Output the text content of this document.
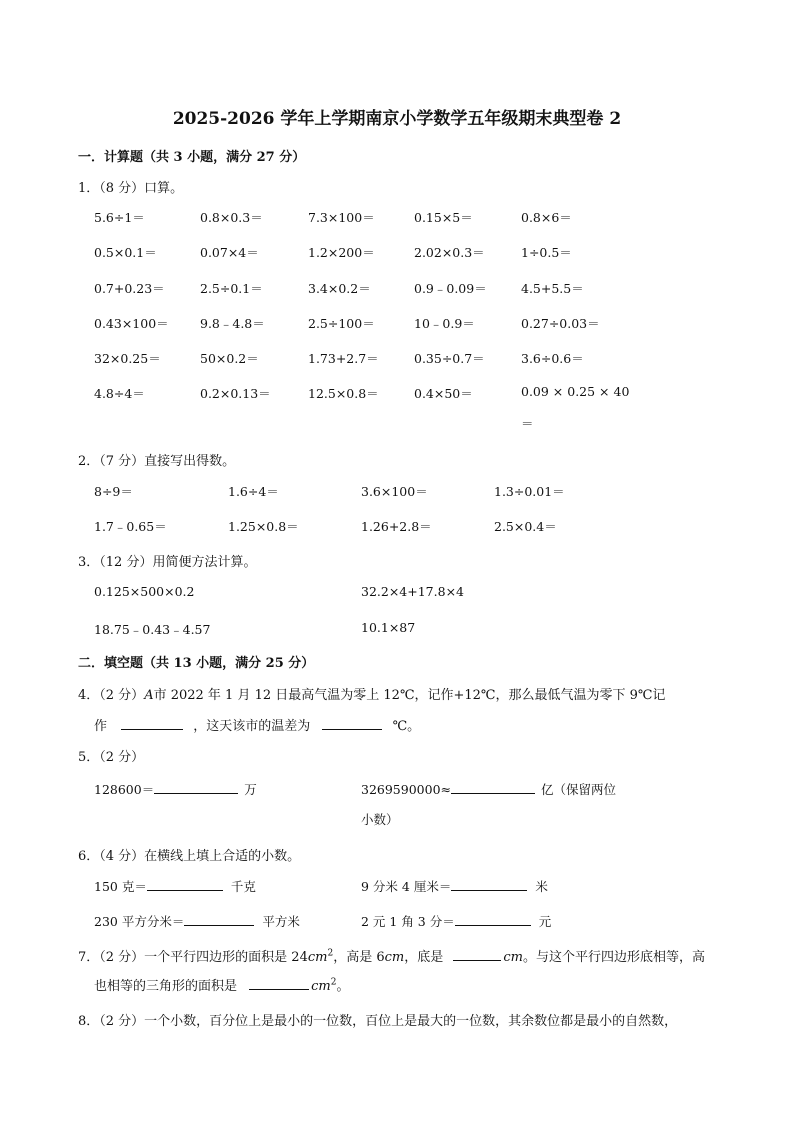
2025-2026 学年上学期南京小学数学五年级期末典型卷 2
一．计算题（共 3 小题，满分 27 分）
1．（8 分）口算。
5.6÷1＝	0.8×0.3＝	7.3×100＝	0.15×5＝	0.8×6＝
0.5×0.1＝	0.07×4＝	1.2×200＝	2.02×0.3＝	1÷0.5＝
0.7+0.23＝	2.5÷0.1＝	3.4×0.2＝	0.9﹣0.09＝	4.5+5.5＝
0.43×100＝	9.8﹣4.8＝	2.5÷100＝	10﹣0.9＝	0.27÷0.03＝
32×0.25＝	50×0.2＝	1.73+2.7＝	0.35÷0.7＝	3.6÷0.6＝
4.8÷4＝	0.2×0.13＝	12.5×0.8＝	0.4×50＝	0.09 × 0.25 × 40
＝
2．（7 分）直接写出得数。
8÷9＝	1.6÷4＝	3.6×100＝	1.3÷0.01＝
1.7﹣0.65＝	1.25×0.8＝	1.26+2.8＝	2.5×0.4＝
3．（12 分）用简便方法计算。
0.125×500×0.2	32.2×4+17.8×4
18.75﹣0.43﹣4.57	10.1×87
二．填空题（共 13 小题，满分 25 分）
4．（2 分）A市 2022 年 1 月 12 日最高气温为零上 12℃，记作+12℃，那么最低气温为零下 9℃记
作	，这天该市的温差为	℃。
5．（2 分）
128600＝	万	3269590000≈	亿（保留两位
小数）
6．（4 分）在横线上填上合适的小数。
150 克＝	千克	9 分米 4 厘米＝	米
230 平方分米＝	平方米	2 元 1 角 3 分＝	元
7．（2 分）一个平行四边形的面积是 $24cm^2$，高是 6cm，底是	cm。与这个平行四边形底相等，高
也相等的三角形的面积是	$cm^2$。
8．（2 分）一个小数，百分位上是最小的一位数，百位上是最大的一位数，其余数位都是最小的自然数，
